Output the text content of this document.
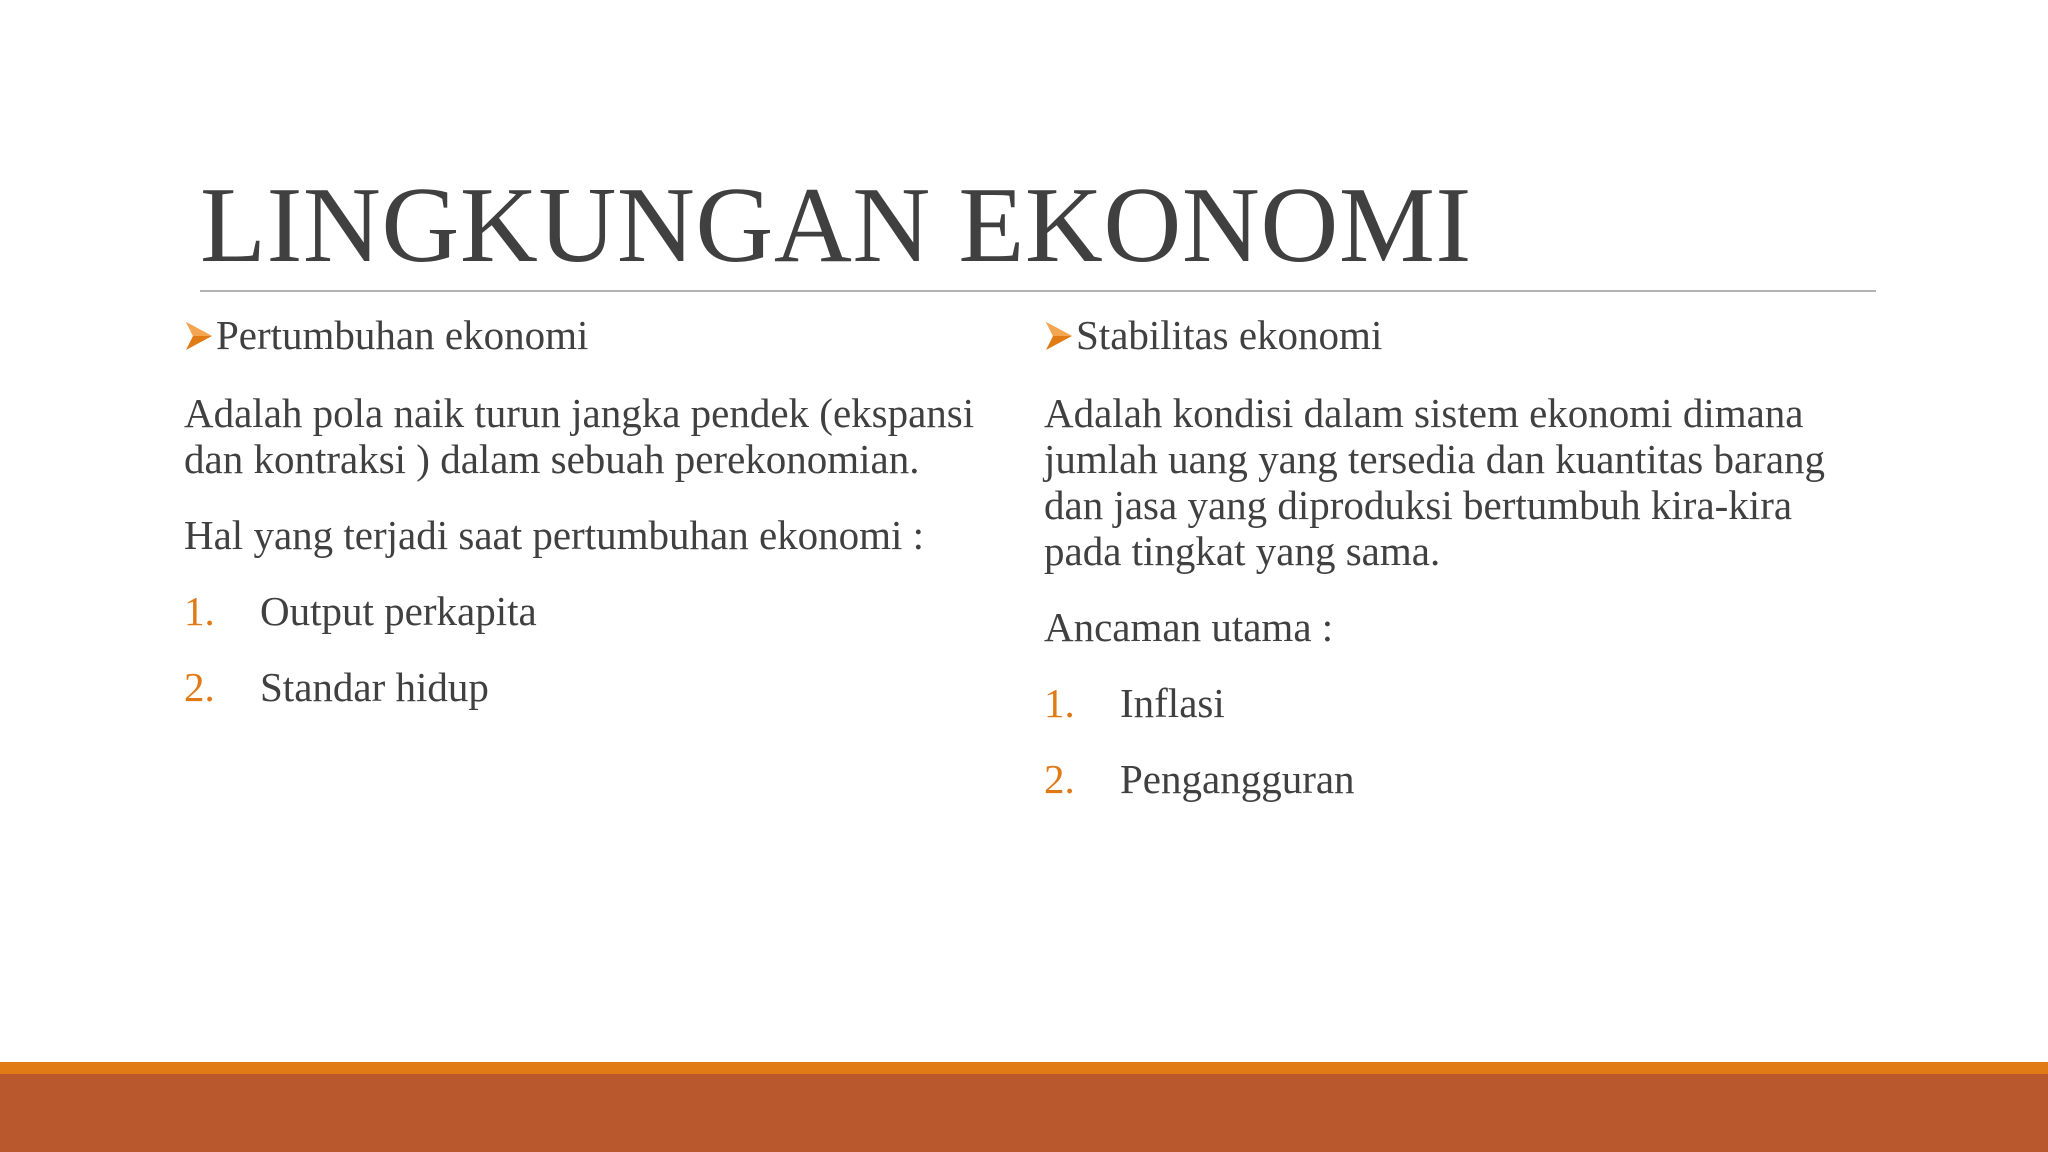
LINGKUNGAN EKONOMI
Pertumbuhan ekonomi

Adalah pola naik turun jangka pendek (ekspansi dan kontraksi ) dalam sebuah perekonomian.

Hal yang terjadi saat pertumbuhan ekonomi :

1.	Output perkapita
2.	Standar hidup
Stabilitas ekonomi

Adalah kondisi dalam sistem ekonomi dimana jumlah uang yang tersedia dan kuantitas barang dan jasa yang diproduksi bertumbuh kira-kira pada tingkat yang sama.

Ancaman utama :

1.	Inflasi
2.	Pengangguran
